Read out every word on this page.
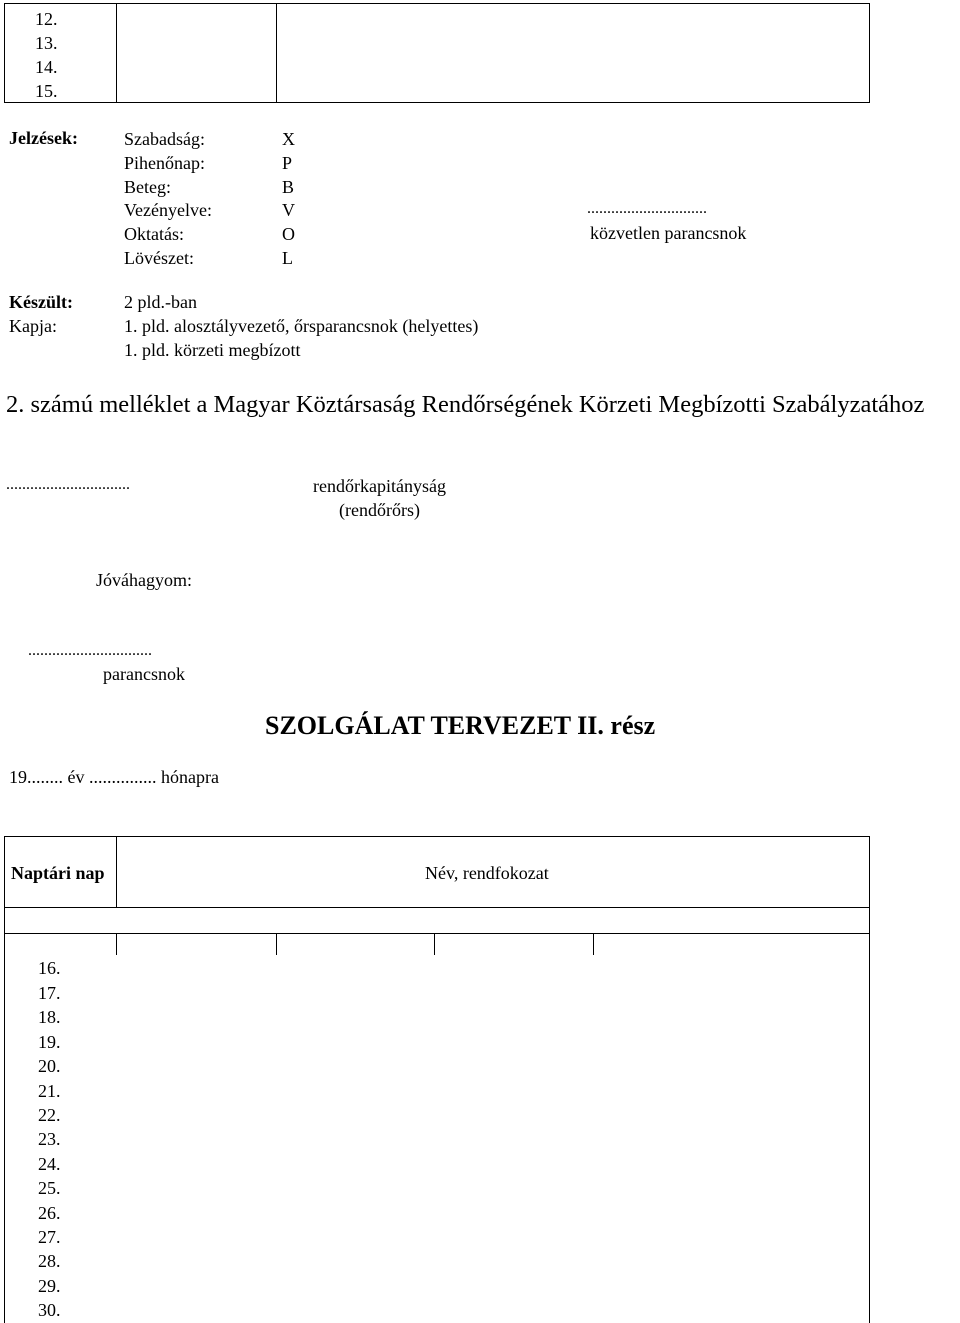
12.
13.
14.
15.
Jelzések:	Szabadság:	X
Pihenőnap:	P
Beteg:	B
Vezényelve:	V
Oktatás:	O
Lövészet:	L
..............................
közvetlen parancsnok
Készült:	2 pld.-ban
Kapja:	1. pld. alosztályvezető, őrsparancsnok (helyettes)
1. pld. körzeti megbízott
2. számú melléklet a Magyar Köztársaság Rendőrségének Körzeti Megbízotti Szabályzatához
...............................	rendőrkapitányság
(rendőrőrs)
Jóváhagyom:
...............................
parancsnok
SZOLGÁLAT TERVEZET II. rész
19........ év ............... hónapra
Naptári nap	Név, rendfokozat
16.
17.
18.
19.
20.
21.
22.
23.
24.
25.
26.
27.
28.
29.
30.
